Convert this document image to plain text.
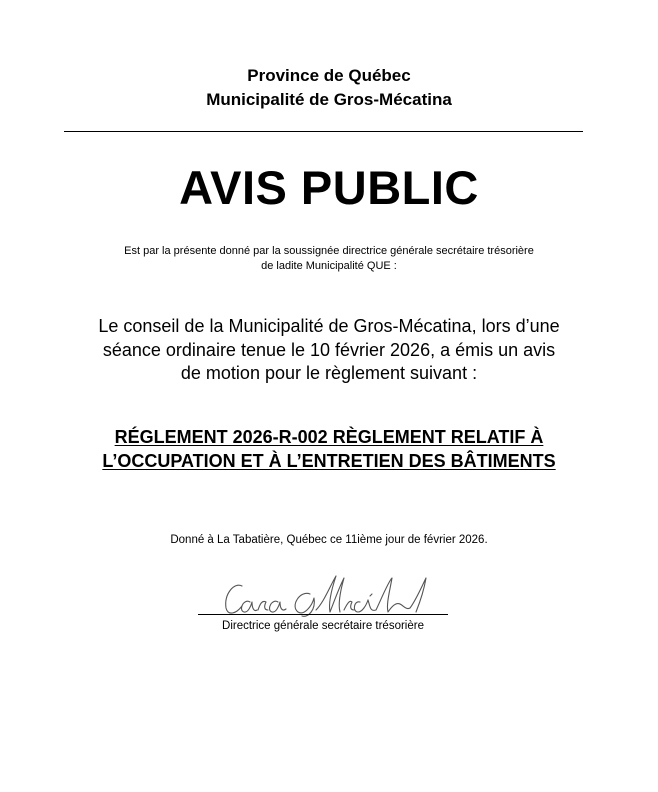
Province de Québec
Municipalité de Gros-Mécatina
AVIS PUBLIC
Est par la présente donné par la soussignée directrice générale secrétaire trésorière
de ladite Municipalité QUE :
Le conseil de la Municipalité de Gros-Mécatina, lors d’une
séance ordinaire tenue le 10 février 2026, a émis un avis
de motion pour le règlement suivant :
RÉGLEMENT 2026-R-002 RÈGLEMENT RELATIF À
L’OCCUPATION ET À L’ENTRETIEN DES BÂTIMENTS
Donné à La Tabatière, Québec ce 11ième jour de février 2026.
Directrice générale secrétaire trésorière
